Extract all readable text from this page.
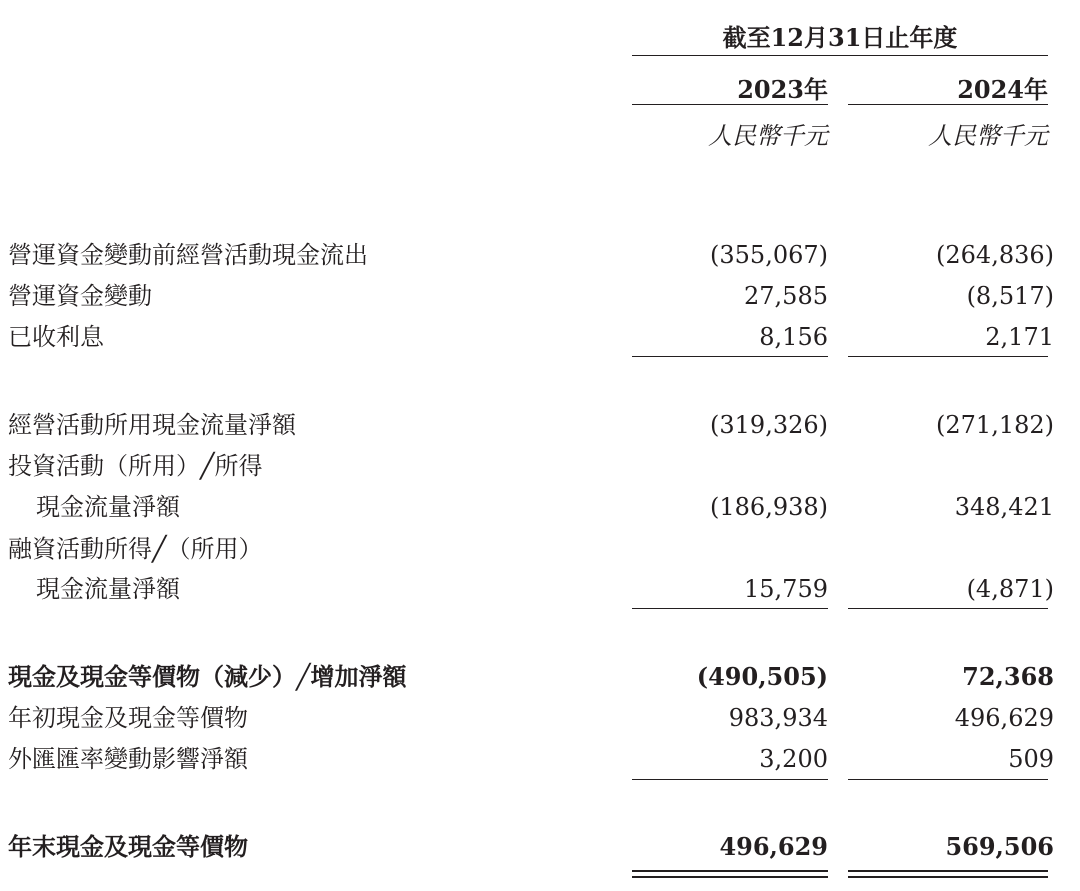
截至12月31日止年度
2023年	2024年
人民幣千元	人民幣千元
營運資金變動前經營活動現金流出	(355,067)	(264,836)
營運資金變動	27,585	(8,517)
已收利息	8,156	2,171
經營活動所用現金流量淨額	(319,326)	(271,182)
投資活動（所用）╱所得
現金流量淨額	(186,938)	348,421
融資活動所得╱（所用）
現金流量淨額	15,759	(4,871)
現金及現金等價物（減少）╱增加淨額	(490,505)	72,368
年初現金及現金等價物	983,934	496,629
外匯匯率變動影響淨額	3,200	509
年末現金及現金等價物	496,629	569,506
